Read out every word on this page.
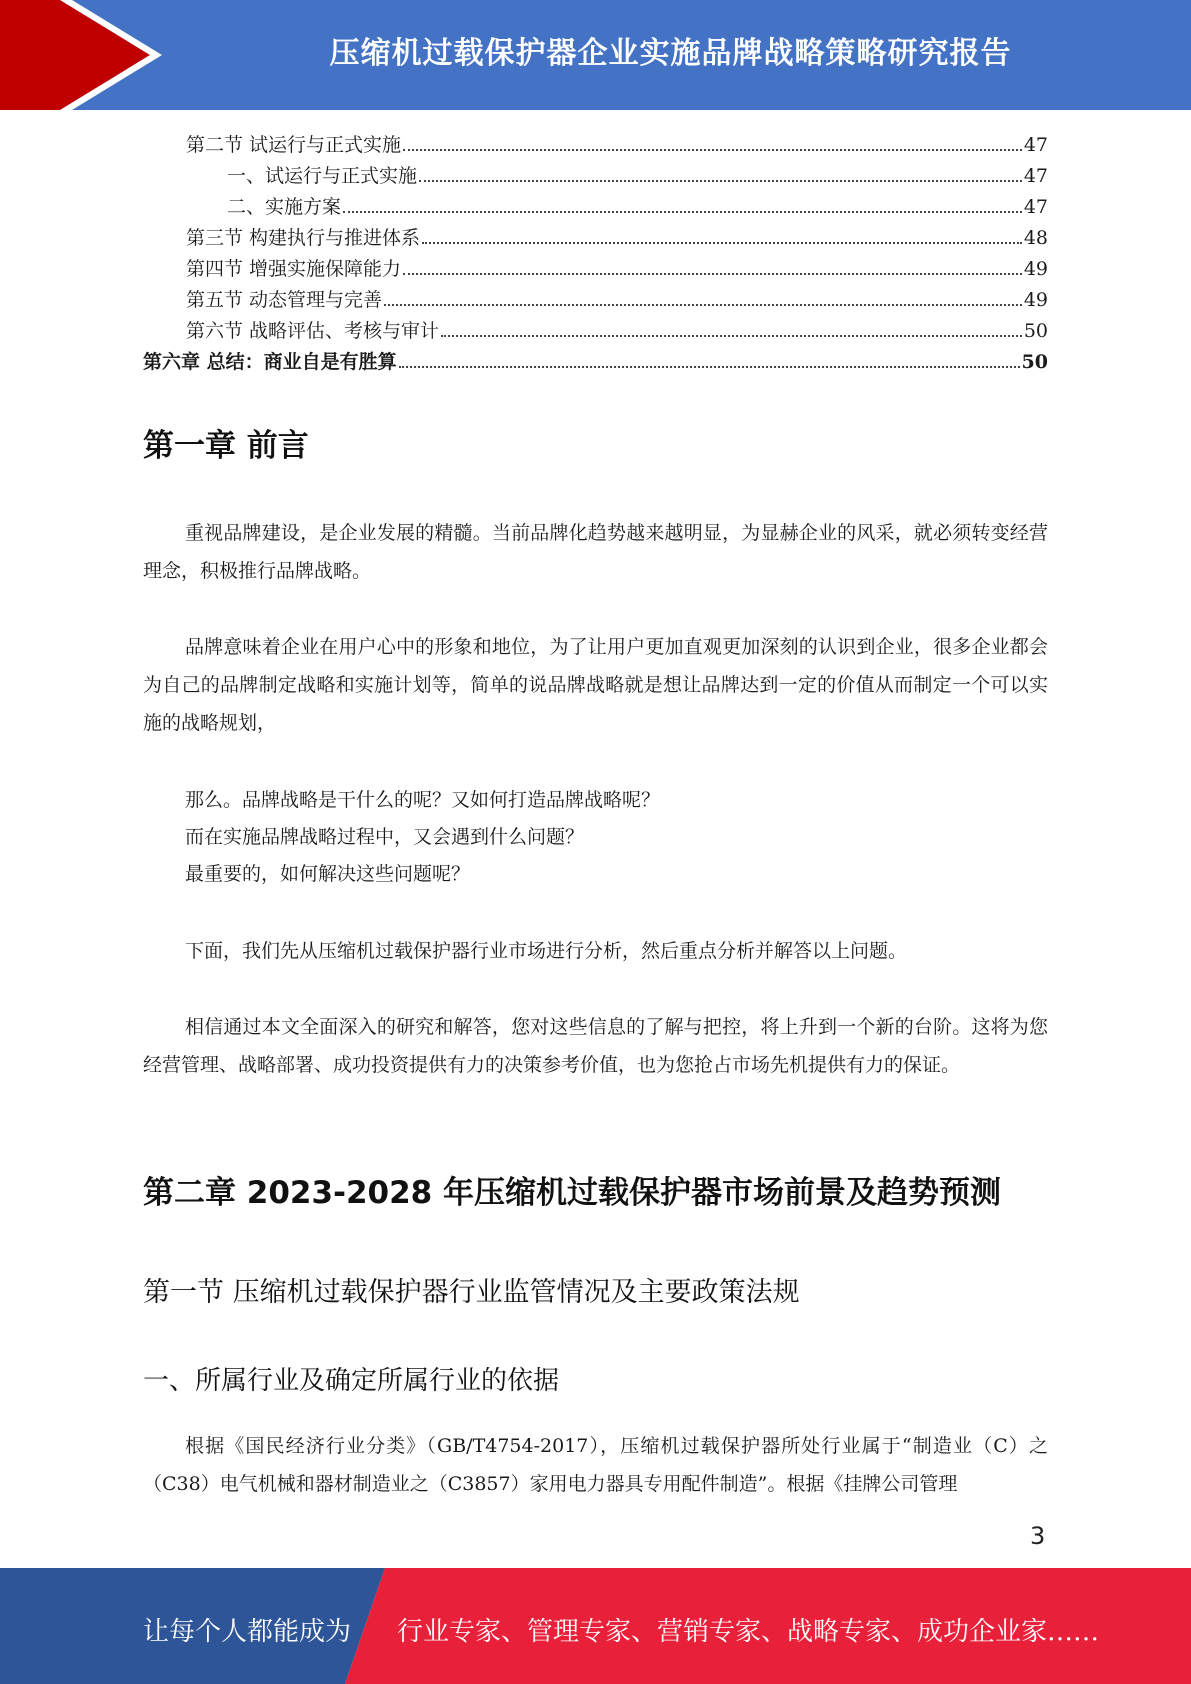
压缩机过载保护器企业实施品牌战略策略研究报告
第二节 试运行与正式实施	47
一、试运行与正式实施	47
二、实施方案	47
第三节 构建执行与推进体系	48
第四节 增强实施保障能力	49
第五节 动态管理与完善	49
第六节 战略评估、考核与审计	50
第六章 总结：商业自是有胜算	50
第一章 前言

重视品牌建设，是企业发展的精髓。当前品牌化趋势越来越明显，为显赫企业的风采，就必须转变经营理念，积极推行品牌战略。

品牌意味着企业在用户心中的形象和地位，为了让用户更加直观更加深刻的认识到企业，很多企业都会为自己的品牌制定战略和实施计划等，简单的说品牌战略就是想让品牌达到一定的价值从而制定一个可以实施的战略规划，

那么。品牌战略是干什么的呢？又如何打造品牌战略呢？
而在实施品牌战略过程中，又会遇到什么问题？
最重要的，如何解决这些问题呢？

下面，我们先从压缩机过载保护器行业市场进行分析，然后重点分析并解答以上问题。

相信通过本文全面深入的研究和解答，您对这些信息的了解与把控，将上升到一个新的台阶。这将为您经营管理、战略部署、成功投资提供有力的决策参考价值，也为您抢占市场先机提供有力的保证。

第二章 2023-2028 年压缩机过载保护器市场前景及趋势预测
第一节 压缩机过载保护器行业监管情况及主要政策法规
一、所属行业及确定所属行业的依据

根据《国民经济行业分类》（GB/T4754-2017），压缩机过载保护器所处行业属于“制造业（C）之（C38）电气机械和器材制造业之（C3857）家用电力器具专用配件制造”。根据《挂牌公司管理

3
让每个人都能成为 行业专家、管理专家、营销专家、战略专家、成功企业家……
